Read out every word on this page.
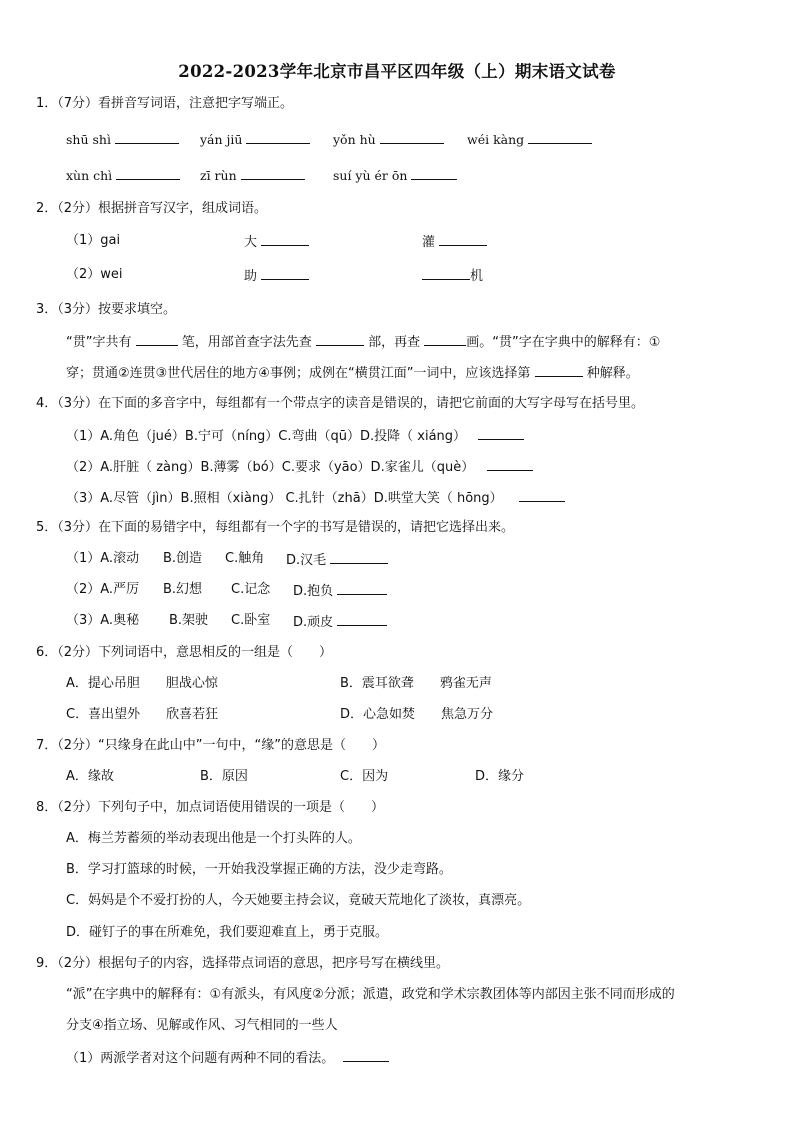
2022-2023学年北京市昌平区四年级（上）期末语文试卷
1．（7分）看拼音写词语，注意把字写端正。
shū shì	yán jiū	yǒn hù	wéi kàng
xùn chì	zī rùn	suí yù ér ōn
2．（2分）根据拼音写汉字，组成词语。
（1）gai	大	灌
（2）wei	助	机
3．（3分）按要求填空。
“贯”字共有	笔，用部首查字法先查	部，再查	画。“贯”字在字典中的解释有：①
穿；贯通②连贯③世代居住的地方④事例；成例在“横贯江面”一词中，应该选择第	种解释。
4．（3分）在下面的多音字中，每组都有一个带点字的读音是错误的，请把它前面的大写字母写在括号里。
（1）A.角色（jué）B.宁可（níng）C.弯曲（qū）D.投降（ xiáng）
（2）A.肝脏（ zàng）B.薄雾（bó）C.要求（yāo）D.家雀儿（què）
（3）A.尽管（jìn）B.照相（xiàng） C.扎针（zhā）D.哄堂大笑（ hōng）
5．（3分）在下面的易错字中，每组都有一个字的书写是错误的，请把它选择出来。
（1）A.滚动 B.创造 C.触角 D.汉毛
（2）A.严厉 B.幻想 C.记念 D.抱负
（3）A.奥秘 B.架驶 C.卧室 D.顽皮
6．（2分）下列词语中，意思相反的一组是（　　）
A．提心吊胆　　胆战心惊	B．震耳欲聋　　鸦雀无声
C．喜出望外　　欣喜若狂	D．心急如焚　　焦急万分
7．（2分）“只缘身在此山中”一句中，“缘”的意思是（　　）
A．缘故	B．原因	C．因为	D．缘分
8．（2分）下列句子中，加点词语使用错误的一项是（　　）
A．梅兰芳蓄须的举动表现出他是一个打头阵的人。
B．学习打篮球的时候，一开始我没掌握正确的方法，没少走弯路。
C．妈妈是个不爱打扮的人，今天她要主持会议，竟破天荒地化了淡妆，真漂亮。
D．碰钉子的事在所难免，我们要迎难直上，勇于克服。
9．（2分）根据句子的内容，选择带点词语的意思，把序号写在横线里。
“派”在字典中的解释有：①有派头，有风度②分派；派遣，政党和学术宗教团体等内部因主张不同而形成的
分支④指立场、见解或作风、习气相同的一些人
（1）两派学者对这个问题有两种不同的看法。
